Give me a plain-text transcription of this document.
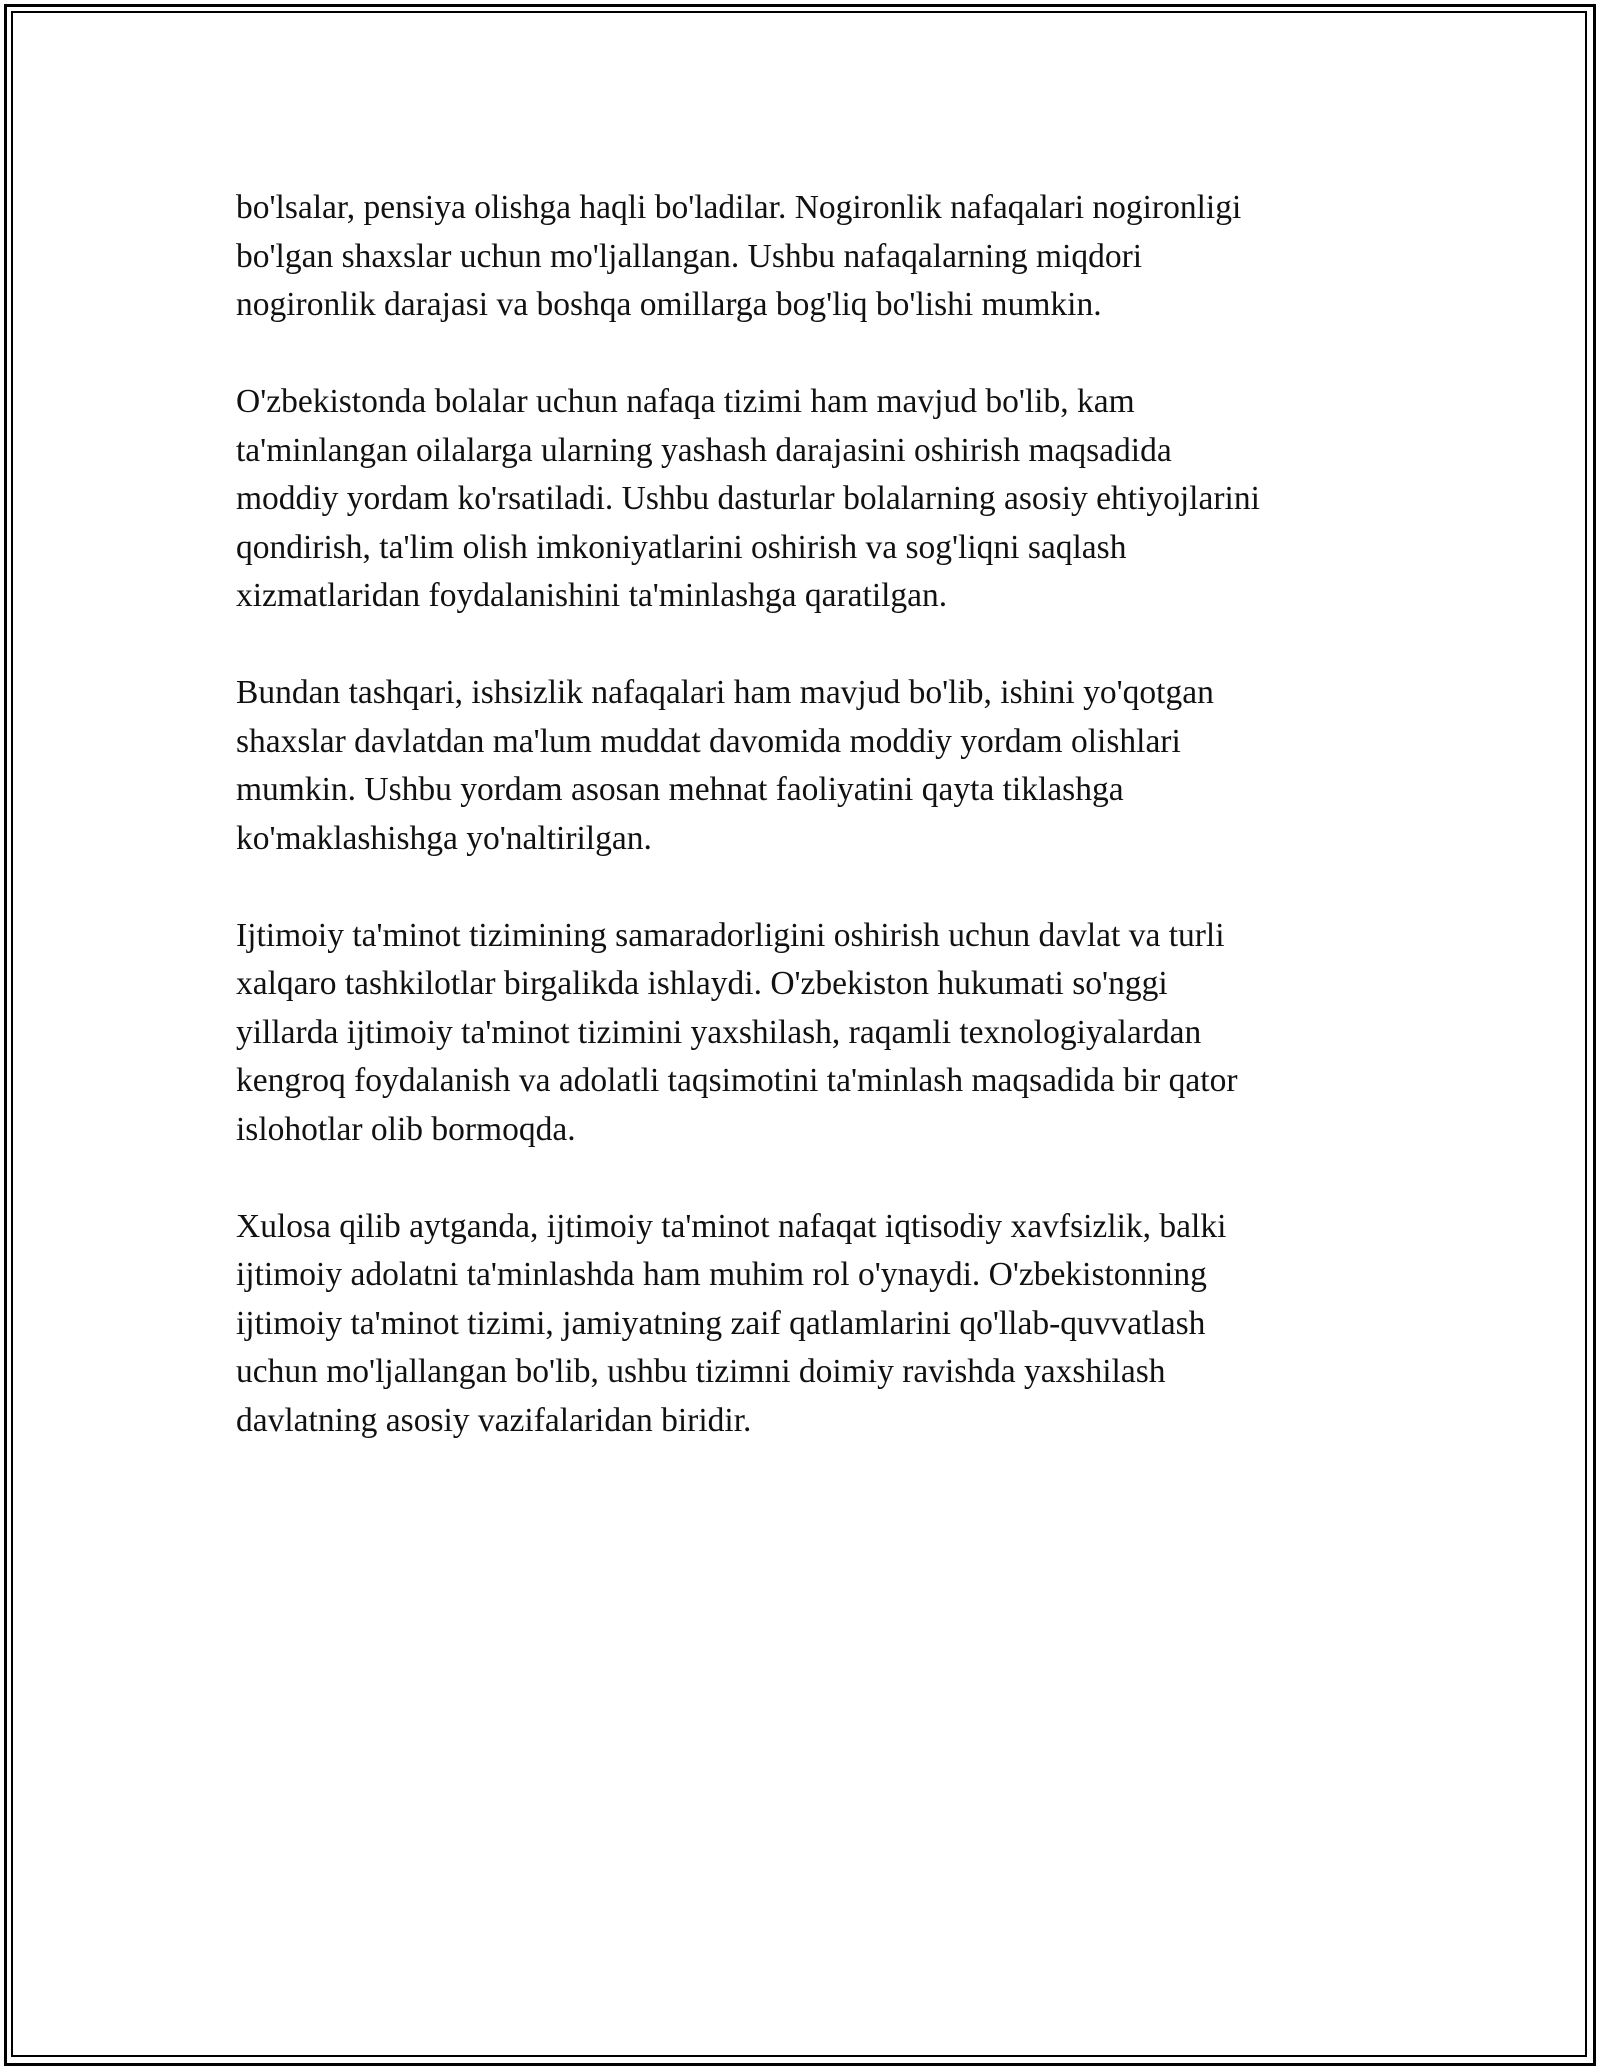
bo'lsalar, pensiya olishga haqli bo'ladilar. Nogironlik nafaqalari nogironligi
bo'lgan shaxslar uchun mo'ljallangan. Ushbu nafaqalarning miqdori
nogironlik darajasi va boshqa omillarga bog'liq bo'lishi mumkin.

O'zbekistonda bolalar uchun nafaqa tizimi ham mavjud bo'lib, kam
ta'minlangan oilalarga ularning yashash darajasini oshirish maqsadida
moddiy yordam ko'rsatiladi. Ushbu dasturlar bolalarning asosiy ehtiyojlarini
qondirish, ta'lim olish imkoniyatlarini oshirish va sog'liqni saqlash
xizmatlaridan foydalanishini ta'minlashga qaratilgan.

Bundan tashqari, ishsizlik nafaqalari ham mavjud bo'lib, ishini yo'qotgan
shaxslar davlatdan ma'lum muddat davomida moddiy yordam olishlari
mumkin. Ushbu yordam asosan mehnat faoliyatini qayta tiklashga
ko'maklashishga yo'naltirilgan.

Ijtimoiy ta'minot tizimining samaradorligini oshirish uchun davlat va turli
xalqaro tashkilotlar birgalikda ishlaydi. O'zbekiston hukumati so'nggi
yillarda ijtimoiy ta'minot tizimini yaxshilash, raqamli texnologiyalardan
kengroq foydalanish va adolatli taqsimotini ta'minlash maqsadida bir qator
islohotlar olib bormoqda.

Xulosa qilib aytganda, ijtimoiy ta'minot nafaqat iqtisodiy xavfsizlik, balki
ijtimoiy adolatni ta'minlashda ham muhim rol o'ynaydi. O'zbekistonning
ijtimoiy ta'minot tizimi, jamiyatning zaif qatlamlarini qo'llab-quvvatlash
uchun mo'ljallangan bo'lib, ushbu tizimni doimiy ravishda yaxshilash
davlatning asosiy vazifalaridan biridir.
